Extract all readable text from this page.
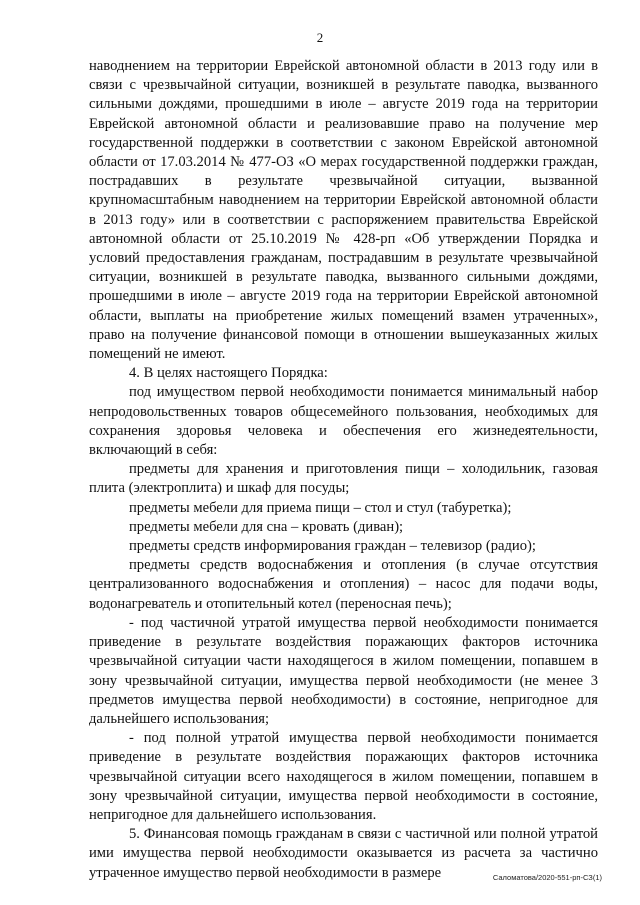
2

наводнением на территории Еврейской автономной области в 2013 году или в связи с чрезвычайной ситуации, возникшей в результате паводка, вызванного сильными дождями, прошедшими в июле – августе 2019 года на территории Еврейской автономной области и реализовавшие право на получение мер государственной поддержки в соответствии с законом Еврейской автономной области от 17.03.2014 № 477-ОЗ «О мерах государственной поддержки граждан, пострадавших в результате чрезвычайной ситуации, вызванной крупномасштабным наводнением на территории Еврейской автономной области в 2013 году» или в соответствии с распоряжением правительства Еврейской автономной области от 25.10.2019 № 428-рп «Об утверждении Порядка и условий предоставления гражданам, пострадавшим в результате чрезвычайной ситуации, возникшей в результате паводка, вызванного сильными дождями, прошедшими в июле – августе 2019 года на территории Еврейской автономной области, выплаты на приобретение жилых помещений взамен утраченных», право на получение финансовой помощи в отношении вышеуказанных жилых помещений не имеют.

4. В целях настоящего Порядка:

под имуществом первой необходимости понимается минимальный набор непродовольственных товаров общесемейного пользования, необходимых для сохранения здоровья человека и обеспечения его жизнедеятельности, включающий в себя:

предметы для хранения и приготовления пищи – холодильник, газовая плита (электроплита) и шкаф для посуды;

предметы мебели для приема пищи – стол и стул (табуретка);

предметы мебели для сна – кровать (диван);

предметы средств информирования граждан – телевизор (радио);

предметы средств водоснабжения и отопления (в случае отсутствия централизованного водоснабжения и отопления) – насос для подачи воды, водонагреватель и отопительный котел (переносная печь);

- под частичной утратой имущества первой необходимости понимается приведение в результате воздействия поражающих факторов источника чрезвычайной ситуации части находящегося в жилом помещении, попавшем в зону чрезвычайной ситуации, имущества первой необходимости (не менее 3 предметов имущества первой необходимости) в состояние, непригодное для дальнейшего использования;

- под полной утратой имущества первой необходимости понимается приведение в результате воздействия поражающих факторов источника чрезвычайной ситуации всего находящегося в жилом помещении, попавшем в зону чрезвычайной ситуации, имущества первой необходимости в состояние, непригодное для дальнейшего использования.

5. Финансовая помощь гражданам в связи с частичной или полной утратой ими имущества первой необходимости оказывается из расчета за частично утраченное имущество первой необходимости в размере	Саломатова/2020-551-рп-СЗ(1)
